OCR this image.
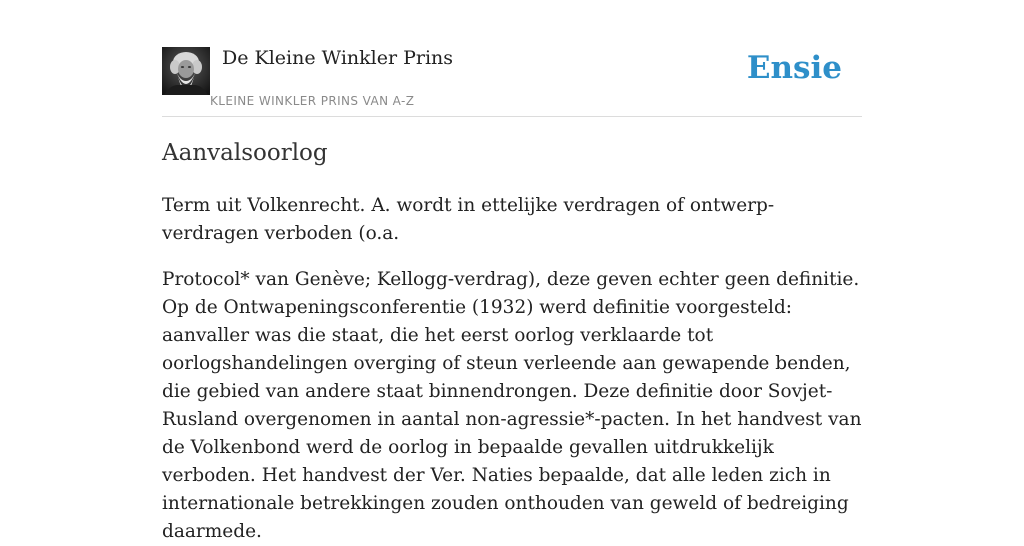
De Kleine Winkler Prins
KLEINE WINKLER PRINS VAN A-Z
Ensie
Aanvalsoorlog

Term uit Volkenrecht. A. wordt in ettelijke verdragen of ontwerp-verdragen verboden (o.a.

Protocol* van Genève; Kellogg-verdrag), deze geven echter geen definitie. Op de Ontwapeningsconferentie (1932) werd definitie voorgesteld: aanvaller was die staat, die het eerst oorlog verklaarde tot oorlogshandelingen overging of steun verleende aan gewapende benden, die gebied van andere staat binnendrongen. Deze definitie door Sovjet-Rusland overgenomen in aantal non-agressie*-pacten. In het handvest van de Volkenbond werd de oorlog in bepaalde gevallen uitdrukkelijk verboden. Het handvest der Ver. Naties bepaalde, dat alle leden zich in internationale betrekkingen zouden onthouden van geweld of bedreiging daarmede.
